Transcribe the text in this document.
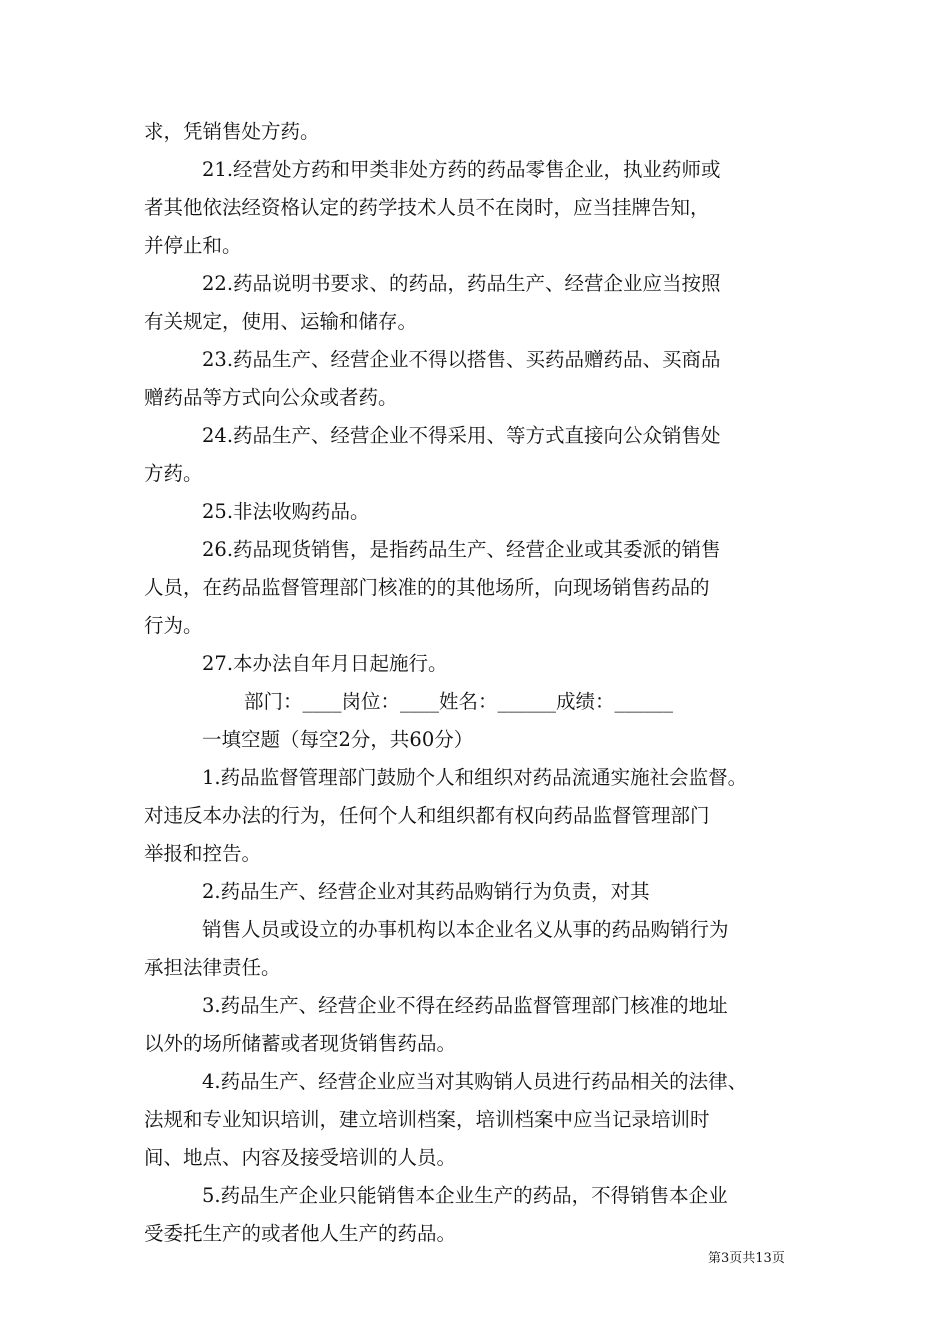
求，凭销售处方药。
21.经营处方药和甲类非处方药的药品零售企业，执业药师或
者其他依法经资格认定的药学技术人员不在岗时，应当挂牌告知，
并停止和。
22.药品说明书要求、的药品，药品生产、经营企业应当按照
有关规定，使用、运输和储存。
23.药品生产、经营企业不得以搭售、买药品赠药品、买商品
赠药品等方式向公众或者药。
24.药品生产、经营企业不得采用、等方式直接向公众销售处
方药。
25.非法收购药品。
26.药品现货销售，是指药品生产、经营企业或其委派的销售
人员，在药品监督管理部门核准的的其他场所，向现场销售药品的
行为。
27.本办法自年月日起施行。
部门：____岗位：____姓名：______成绩：______
一填空题（每空2分，共60分）
1.药品监督管理部门鼓励个人和组织对药品流通实施社会监督。
对违反本办法的行为，任何个人和组织都有权向药品监督管理部门
举报和控告。
2.药品生产、经营企业对其药品购销行为负责，对其
销售人员或设立的办事机构以本企业名义从事的药品购销行为
承担法律责任。
3.药品生产、经营企业不得在经药品监督管理部门核准的地址
以外的场所储蓄或者现货销售药品。
4.药品生产、经营企业应当对其购销人员进行药品相关的法律、
法规和专业知识培训，建立培训档案，培训档案中应当记录培训时
间、地点、内容及接受培训的人员。
5.药品生产企业只能销售本企业生产的药品，不得销售本企业
受委托生产的或者他人生产的药品。
第3页共13页
